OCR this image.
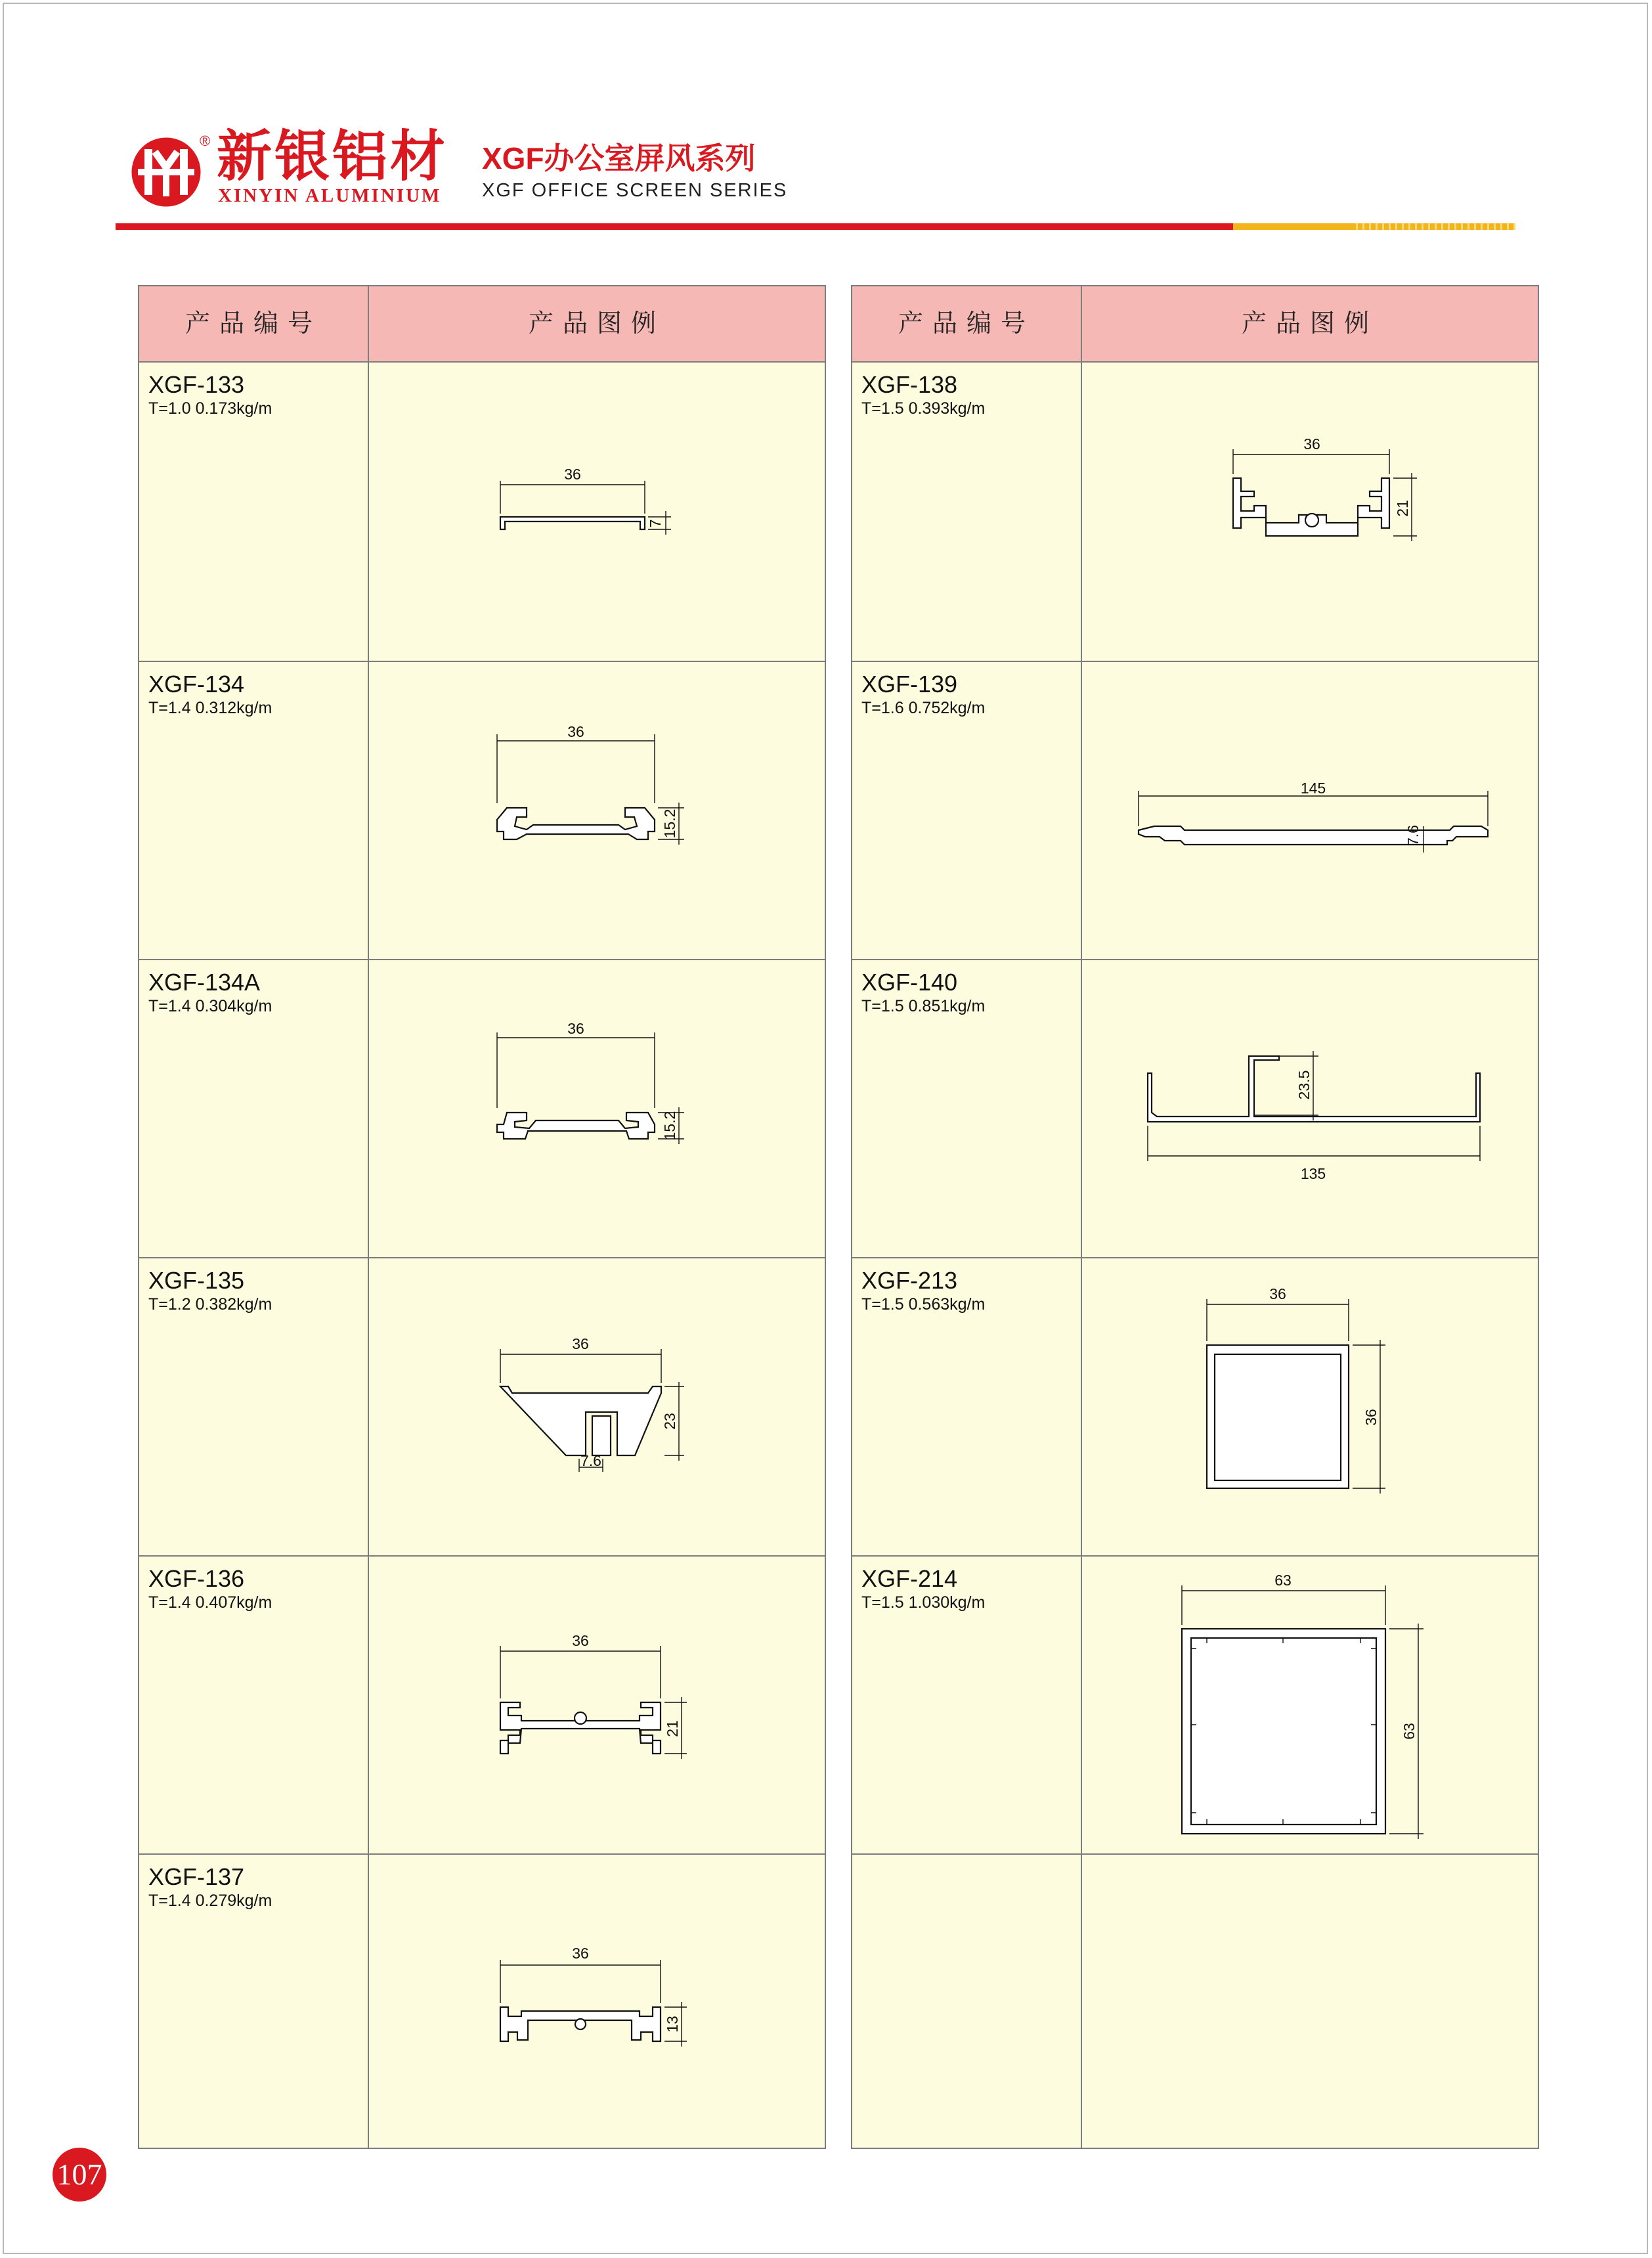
® 新银铝材
XINYIN ALUMINIUM
XGF办公室屏风系列
XGF OFFICE SCREEN SERIES
产品编号	产品图例
XGF-133
T=1.0 0.173kg/m
36
7
XGF-134
T=1.4 0.312kg/m
36
15.2
XGF-134A
T=1.4 0.304kg/m
36
15.2
XGF-135
T=1.2 0.382kg/m
36
23
7.6
XGF-136
T=1.4 0.407kg/m
36
21
XGF-137
T=1.4 0.279kg/m
36
13
产品编号	产品图例
XGF-138
T=1.5 0.393kg/m
36
21
XGF-139
T=1.6 0.752kg/m
145
7.6
XGF-140
T=1.5 0.851kg/m
23.5
135
XGF-213
T=1.5 0.563kg/m
36
36
XGF-214
T=1.5 1.030kg/m
63
63
107
